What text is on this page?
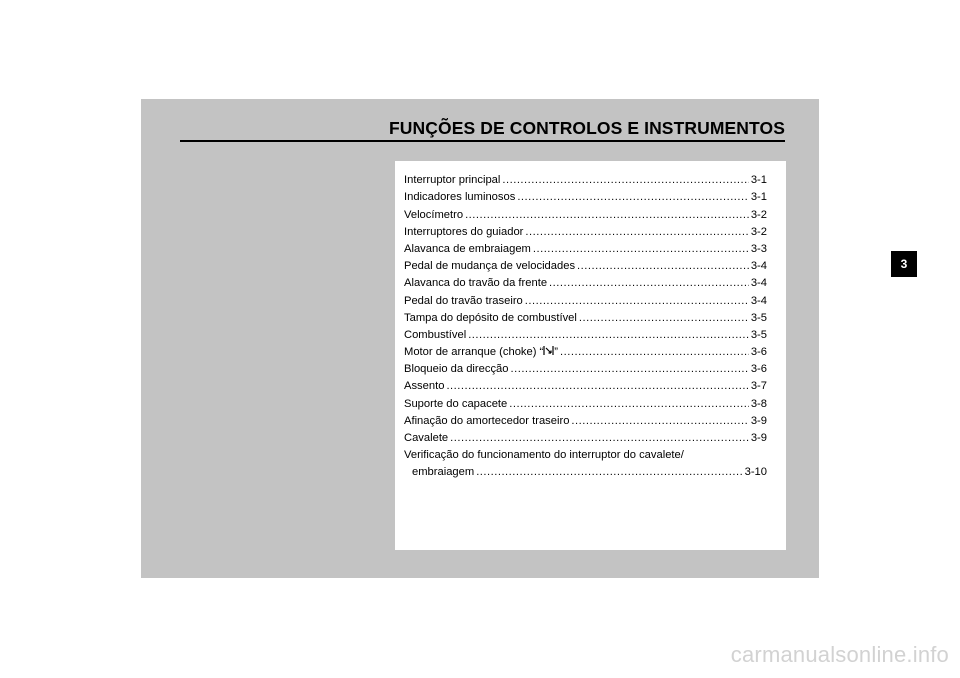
FUNÇÕES DE CONTROLOS E INSTRUMENTOS
Interruptor principal .....	3-1
Indicadores luminosos .....	3-1
Velocímetro .....	3-2
Interruptores do guiador .....	3-2
Alavanca de embraiagem .....	3-3
Pedal de mudança de velocidades .....	3-4
Alavanca do travão da frente .....	3-4
Pedal do travão traseiro .....	3-4
Tampa do depósito de combustível .....	3-5
Combustível .....	3-5
Motor de arranque (choke) “ ” .....	3-6
Bloqueio da direcção .....	3-6
Assento .....	3-7
Suporte do capacete .....	3-8
Afinação do amortecedor traseiro .....	3-9
Cavalete .....	3-9
Verificação do funcionamento do interruptor do cavalete/
embraiagem .....	3-10
3
carmanualsonline.info
